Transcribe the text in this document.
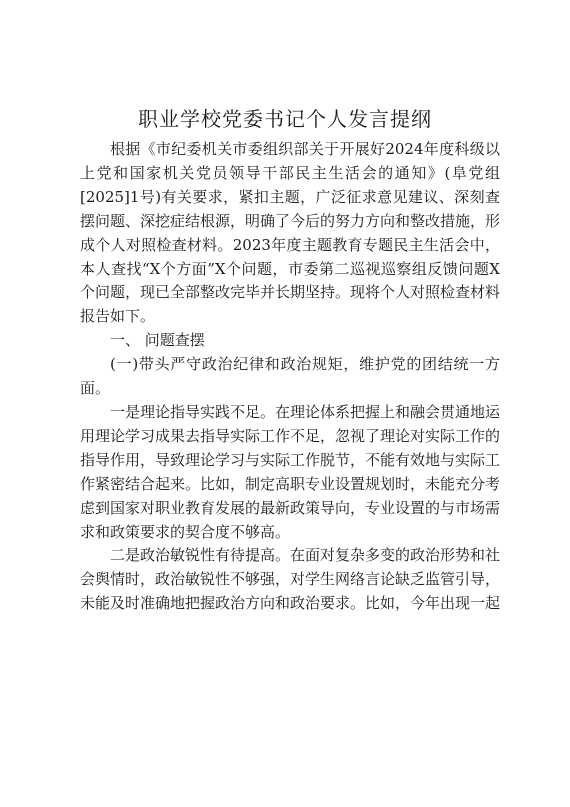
职业学校党委书记个人发言提纲

根据《市纪委机关市委组织部关于开展好2024年度科级以上党和国家机关党员领导干部民主生活会的通知》(阜党组[2025]1号)有关要求，紧扣主题，广泛征求意见建议、深刻查摆问题、深挖症结根源，明确了今后的努力方向和整改措施，形成个人对照检查材料。2023年度主题教育专题民主生活会中，本人查找“X个方面”X个问题，市委第二巡视巡察组反馈问题X个问题，现已全部整改完毕并长期坚持。现将个人对照检查材料报告如下。

一、 问题查摆

(一)带头严守政治纪律和政治规矩，维护党的团结统一方面。

一是理论指导实践不足。在理论体系把握上和融会贯通地运用理论学习成果去指导实际工作不足，忽视了理论对实际工作的指导作用，导致理论学习与实际工作脱节，不能有效地与实际工作紧密结合起来。比如，制定高职专业设置规划时，未能充分考虑到国家对职业教育发展的最新政策导向，专业设置的与市场需求和政策要求的契合度不够高。

二是政治敏锐性有待提高。在面对复杂多变的政治形势和社会舆情时，政治敏锐性不够强，对学生网络言论缺乏监管引导，未能及时准确地把握政治方向和政治要求。比如，今年出现一起
